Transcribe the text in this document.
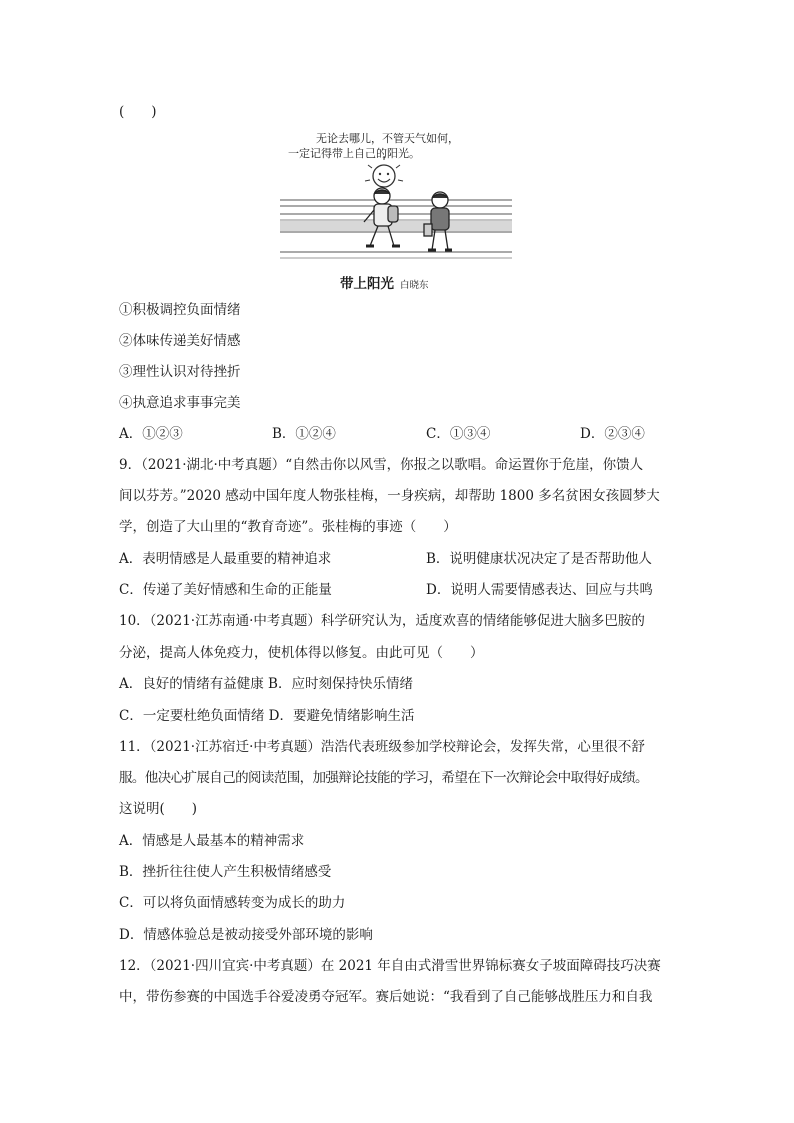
(　　)
无论去哪儿，不管天气如何，
一定记得带上自己的阳光。
带上阳光 白晓东
①积极调控负面情绪
②体味传递美好情感
③理性认识对待挫折
④执意追求事事完美
A．①②③	B．①②④	C．①③④	D．②③④
9．（2021·湖北·中考真题）“自然击你以风雪，你报之以歌唱。命运置你于危崖，你馈人
间以芬芳。”2020 感动中国年度人物张桂梅，一身疾病，却帮助 1800 多名贫困女孩圆梦大
学，创造了大山里的“教育奇迹”。张桂梅的事迹（　　）
A．表明情感是人最重要的精神追求	B．说明健康状况决定了是否帮助他人
C．传递了美好情感和生命的正能量	D．说明人需要情感表达、回应与共鸣
10．（2021·江苏南通·中考真题）科学研究认为，适度欢喜的情绪能够促进大脑多巴胺的
分泌，提高人体免疫力，使机体得以修复。由此可见（　　）
A．良好的情绪有益健康 B．应时刻保持快乐情绪
C．一定要杜绝负面情绪 D．要避免情绪影响生活
11．（2021·江苏宿迁·中考真题）浩浩代表班级参加学校辩论会，发挥失常，心里很不舒
服。他决心扩展自己的阅读范围，加强辩论技能的学习，希望在下一次辩论会中取得好成绩。
这说明(　　)
A．情感是人最基本的精神需求
B．挫折往往使人产生积极情绪感受
C．可以将负面情感转变为成长的助力
D．情感体验总是被动接受外部环境的影响
12．（2021·四川宜宾·中考真题）在 2021 年自由式滑雪世界锦标赛女子坡面障碍技巧决赛
中，带伤参赛的中国选手谷爱凌勇夺冠军。赛后她说：“我看到了自己能够战胜压力和自我
